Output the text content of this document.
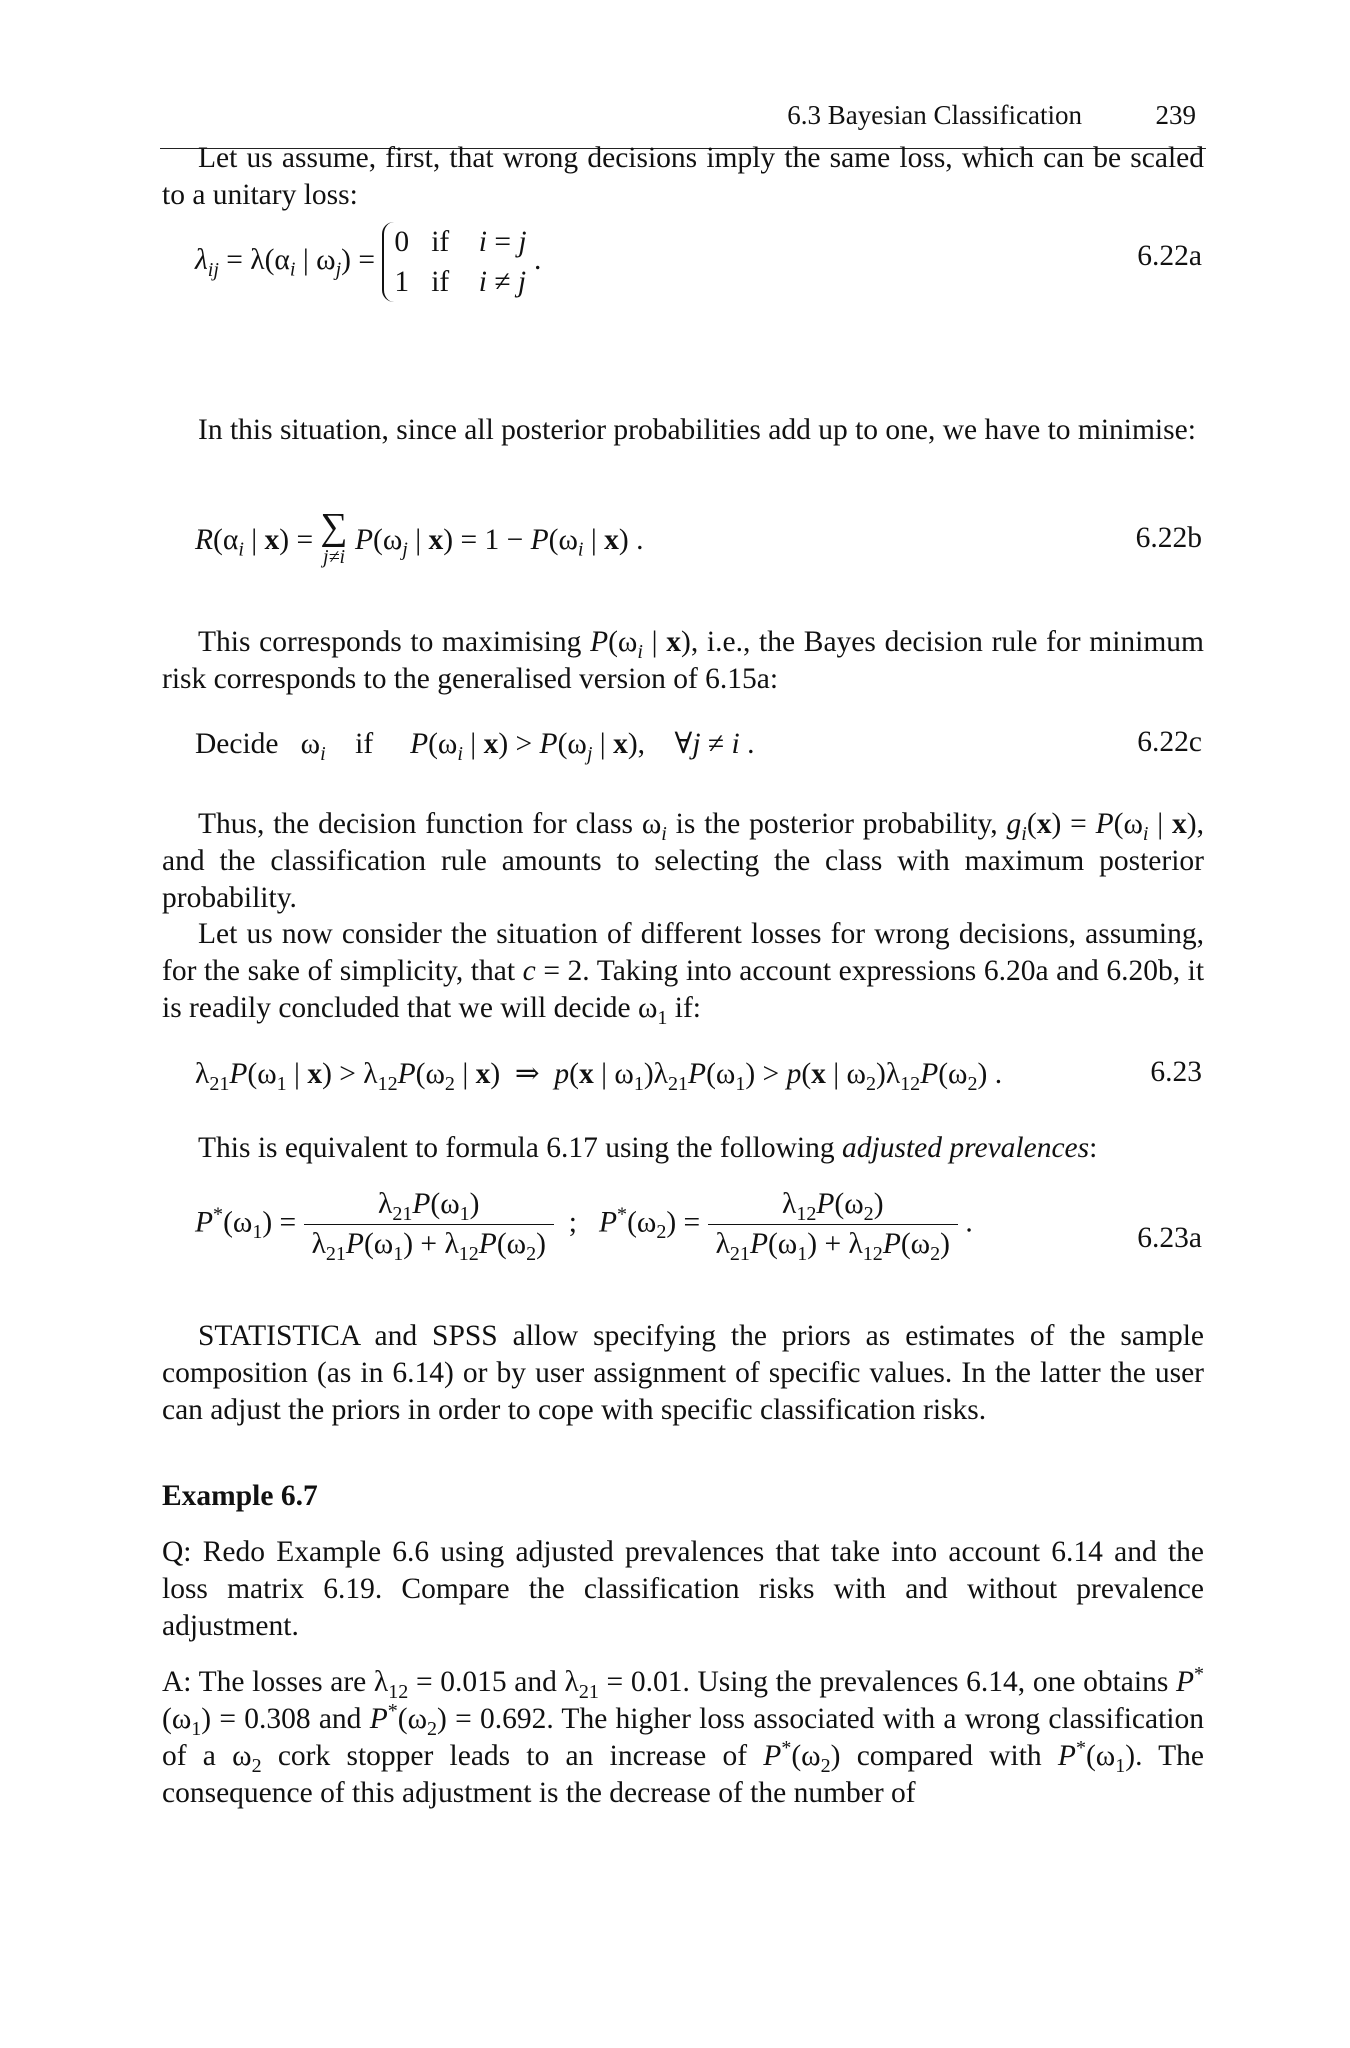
6.3 Bayesian Classification	239

Let us assume, first, that wrong decisions imply the same loss, which can be scaled to a unitary loss:

$\lambda_{ij} = \lambda(\alpha_i$ | $\omega_j) = 0$   if    i = j
1   if    i ≠ j .	6.22a

In this situation, since all posterior probabilities add up to one, we have to minimise:

$R(\alpha_i$ | x) = ∑
j≠i
$P(\omega_j$ | $x) = 1 - P(\omega_i$ | x) .	6.22b

This corresponds to maximising $P(\omega_i$ | x), i.e., the Bayes decision rule for minimum risk corresponds to the generalised version of 6.15a:

Decide   $\omega_i$ if $P(\omega_i$ | $x) > P(\omega_j$ | x),    ∀j ≠ i .	6.22c

Thus, the decision function for class $\omega_i$ is the posterior probability, $g_i(x) = P(\omega_i$ | x), and the classification rule amounts to selecting the class with maximum posterior probability.

Let us now consider the situation of different losses for wrong decisions, assuming, for the sake of simplicity, that c = 2. Taking into account expressions 6.20a and 6.20b, it is readily concluded that we will decide $\omega_1$ if:

$\lambda_{21}P(\omega_1$ | $x) > \lambda_{12}P(\omega_2$ | x)  ⇒  p(x | $\omega_1)\lambda_{21}P(\omega_1) > p(x$ | $\omega_2)\lambda_{12}P(\omega_2)$ .	6.23

This is equivalent to formula 6.17 using the following adjusted prevalences:

$P^*(\omega_1) = \frac{\lambda_{21}P(\omega_1)}{\lambda_{21}P(\omega_1) + \lambda_{12}P(\omega_2)}$ ;   $P^*(\omega_2) = \frac{\lambda_{12}P(\omega_2)}{\lambda_{21}P(\omega_1) + \lambda_{12}P(\omega_2)}$ .	6.23a

STATISTICA and SPSS allow specifying the priors as estimates of the sample composition (as in 6.14) or by user assignment of specific values. In the latter the user can adjust the priors in order to cope with specific classification risks.

Example 6.7

Q: Redo Example 6.6 using adjusted prevalences that take into account 6.14 and the loss matrix 6.19. Compare the classification risks with and without prevalence adjustment.

A: The losses are $\lambda_{12} = 0.015$ and $\lambda_{21} = 0.01$. Using the prevalences 6.14, one obtains $P^*(\omega_1) = 0.308$ and $P^*(\omega_2) = 0.692$. The higher loss associated with a wrong classification of a $\omega_2$ cork stopper leads to an increase of $P^*(\omega_2)$ compared with $P^*(\omega_1)$. The consequence of this adjustment is the decrease of the number of
